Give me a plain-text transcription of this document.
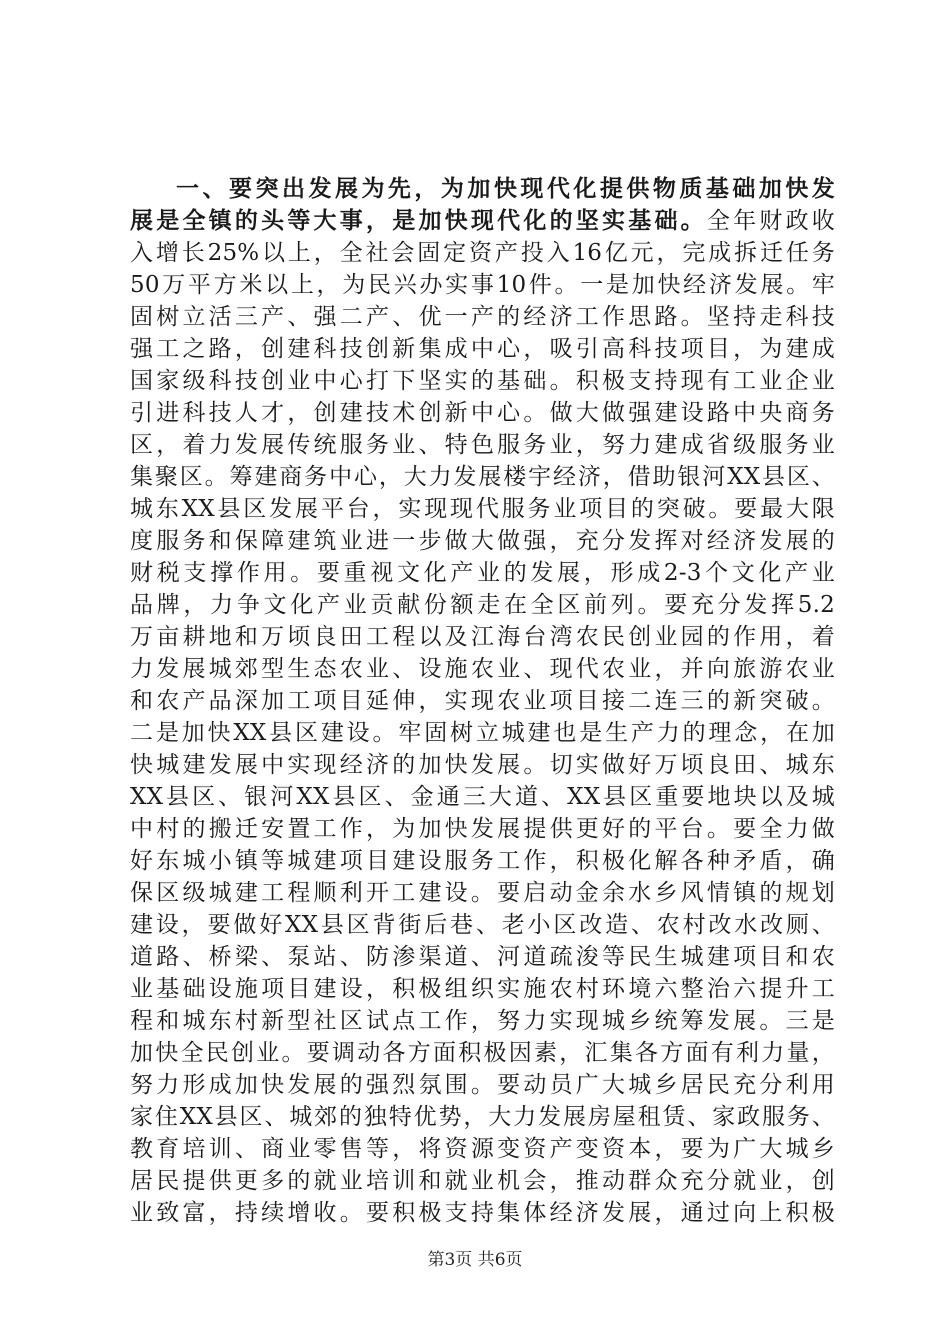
一、要突出发展为先，为加快现代化提供物质基础加快发
展是全镇的头等大事，是加快现代化的坚实基础。全年财政收
入增长25%以上，全社会固定资产投入16亿元，完成拆迁任务
50万平方米以上，为民兴办实事10件。一是加快经济发展。牢
固树立活三产、强二产、优一产的经济工作思路。坚持走科技
强工之路，创建科技创新集成中心，吸引高科技项目，为建成
国家级科技创业中心打下坚实的基础。积极支持现有工业企业
引进科技人才，创建技术创新中心。做大做强建设路中央商务
区，着力发展传统服务业、特色服务业，努力建成省级服务业
集聚区。筹建商务中心，大力发展楼宇经济，借助银河XX县区、
城东XX县区发展平台，实现现代服务业项目的突破。要最大限
度服务和保障建筑业进一步做大做强，充分发挥对经济发展的
财税支撑作用。要重视文化产业的发展，形成2-3个文化产业
品牌，力争文化产业贡献份额走在全区前列。要充分发挥5.2
万亩耕地和万顷良田工程以及江海台湾农民创业园的作用，着
力发展城郊型生态农业、设施农业、现代农业，并向旅游农业
和农产品深加工项目延伸，实现农业项目接二连三的新突破。
二是加快XX县区建设。牢固树立城建也是生产力的理念，在加
快城建发展中实现经济的加快发展。切实做好万顷良田、城东
XX县区、银河XX县区、金通三大道、XX县区重要地块以及城
中村的搬迁安置工作，为加快发展提供更好的平台。要全力做
好东城小镇等城建项目建设服务工作，积极化解各种矛盾，确
保区级城建工程顺利开工建设。要启动金余水乡风情镇的规划
建设，要做好XX县区背街后巷、老小区改造、农村改水改厕、
道路、桥梁、泵站、防渗渠道、河道疏浚等民生城建项目和农
业基础设施项目建设，积极组织实施农村环境六整治六提升工
程和城东村新型社区试点工作，努力实现城乡统筹发展。三是
加快全民创业。要调动各方面积极因素，汇集各方面有利力量，
努力形成加快发展的强烈氛围。要动员广大城乡居民充分利用
家住XX县区、城郊的独特优势，大力发展房屋租赁、家政服务、
教育培训、商业零售等，将资源变资产变资本，要为广大城乡
居民提供更多的就业培训和就业机会，推动群众充分就业，创
业致富，持续增收。要积极支持集体经济发展，通过向上积极
第3页 共6页
